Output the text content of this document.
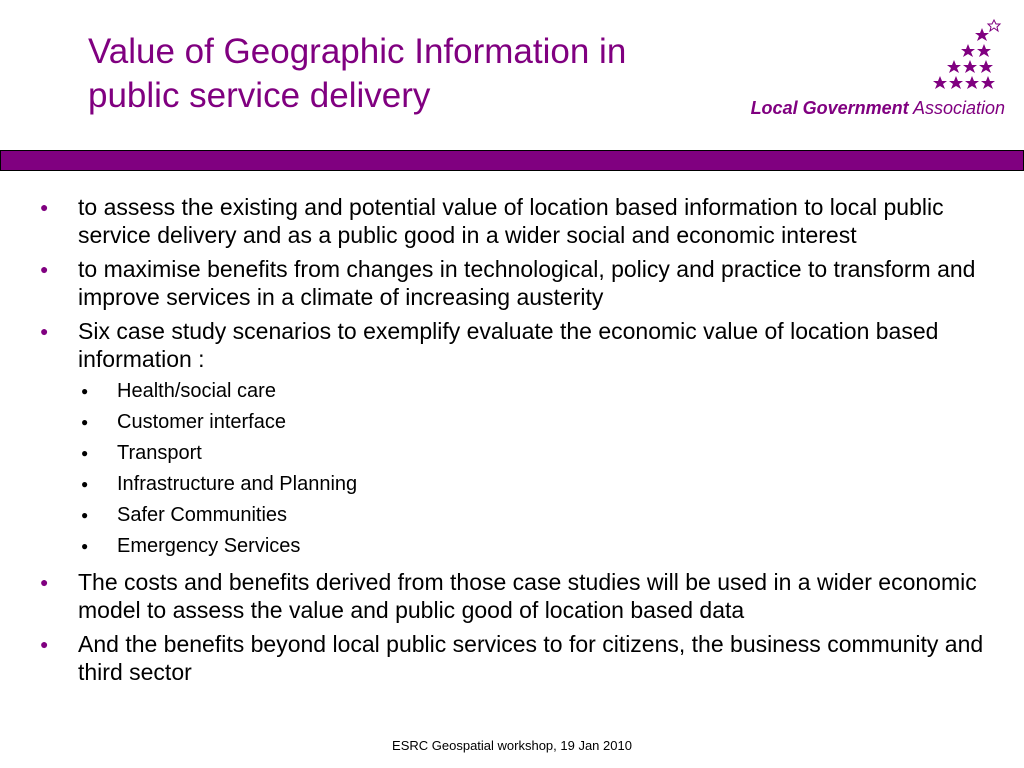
Value of Geographic Information in
public service delivery	Local Government Association
● to assess the existing and potential value of location based information to local public service delivery and as a public good in a wider social and economic interest
● to maximise benefits from changes in technological, policy and practice to transform and improve services in a climate of increasing austerity
● Six case study scenarios to exemplify evaluate the economic value of location based information :
● Health/social care
● Customer interface
● Transport
● Infrastructure and Planning
● Safer Communities
● Emergency Services
● The costs and benefits derived from those case studies will be used in a wider economic model to assess the value and public good of location based data
● And the benefits beyond local public services to for citizens, the business community and third sector
ESRC Geospatial workshop, 19 Jan 2010
